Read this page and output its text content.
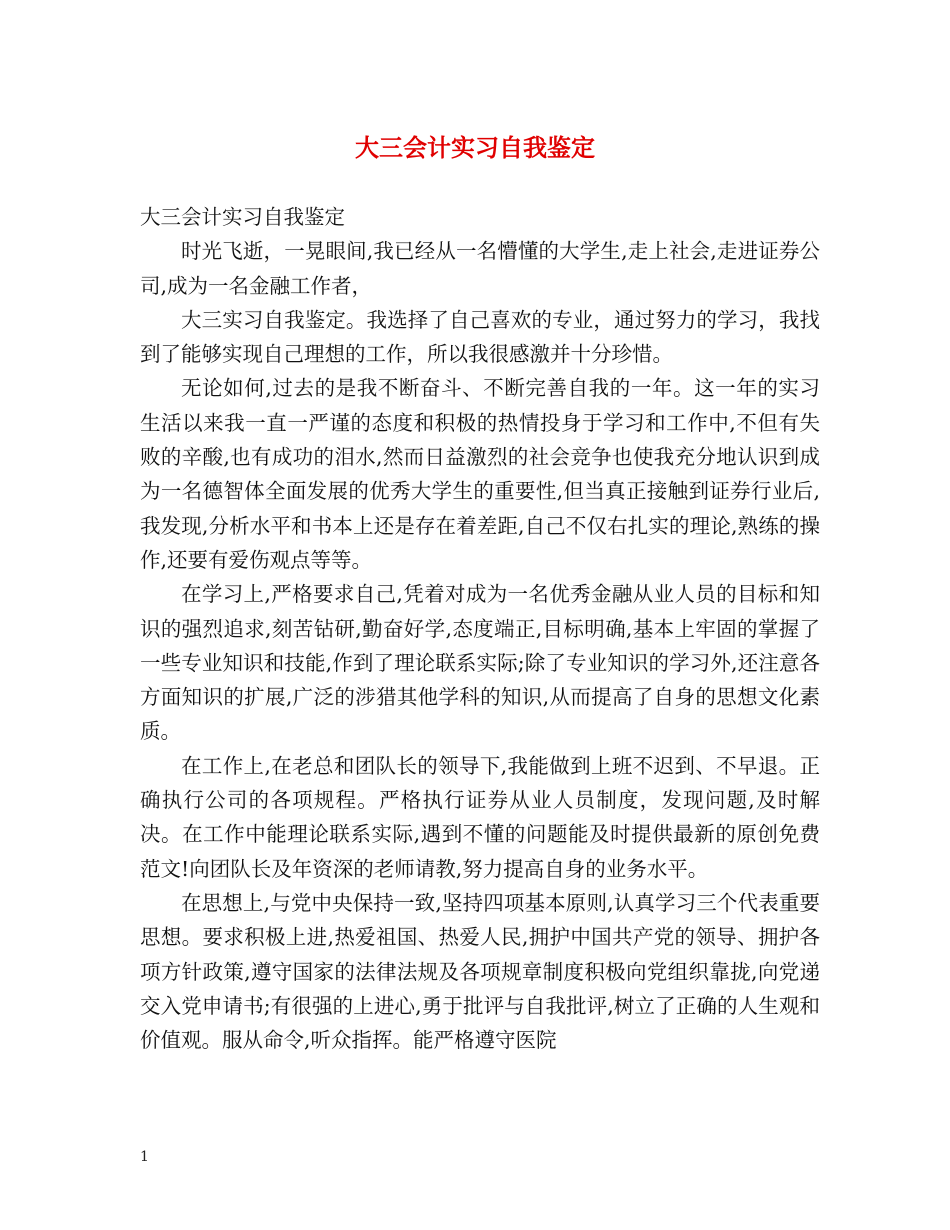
大三会计实习自我鉴定

大三会计实习自我鉴定

时光飞逝，一晃眼间,我已经从一名懵懂的大学生,走上社会,走进证券公司,成为一名金融工作者，

大三实习自我鉴定。我选择了自己喜欢的专业，通过努力的学习，我找到了能够实现自己理想的工作，所以我很感激并十分珍惜。

无论如何,过去的是我不断奋斗、不断完善自我的一年。这一年的实习生活以来我一直一严谨的态度和积极的热情投身于学习和工作中,不但有失败的辛酸,也有成功的泪水,然而日益激烈的社会竞争也使我充分地认识到成为一名德智体全面发展的优秀大学生的重要性,但当真正接触到证券行业后,我发现,分析水平和书本上还是存在着差距,自己不仅右扎实的理论,熟练的操作,还要有爱伤观点等等。

在学习上,严格要求自己,凭着对成为一名优秀金融从业人员的目标和知识的强烈追求,刻苦钻研,勤奋好学,态度端正,目标明确,基本上牢固的掌握了一些专业知识和技能,作到了理论联系实际;除了专业知识的学习外,还注意各方面知识的扩展,广泛的涉猎其他学科的知识,从而提高了自身的思想文化素质。

在工作上,在老总和团队长的领导下,我能做到上班不迟到、不早退。正确执行公司的各项规程。严格执行证券从业人员制度，发现问题,及时解决。在工作中能理论联系实际,遇到不懂的问题能及时提供最新的原创免费范文!向团队长及年资深的老师请教,努力提高自身的业务水平。

在思想上,与党中央保持一致,坚持四项基本原则,认真学习三个代表重要思想。要求积极上进,热爱祖国、热爱人民,拥护中国共产党的领导、拥护各项方针政策,遵守国家的法律法规及各项规章制度积极向党组织靠拢,向党递交入党申请书;有很强的上进心,勇于批评与自我批评,树立了正确的人生观和价值观。服从命令,听众指挥。能严格遵守医院

1
